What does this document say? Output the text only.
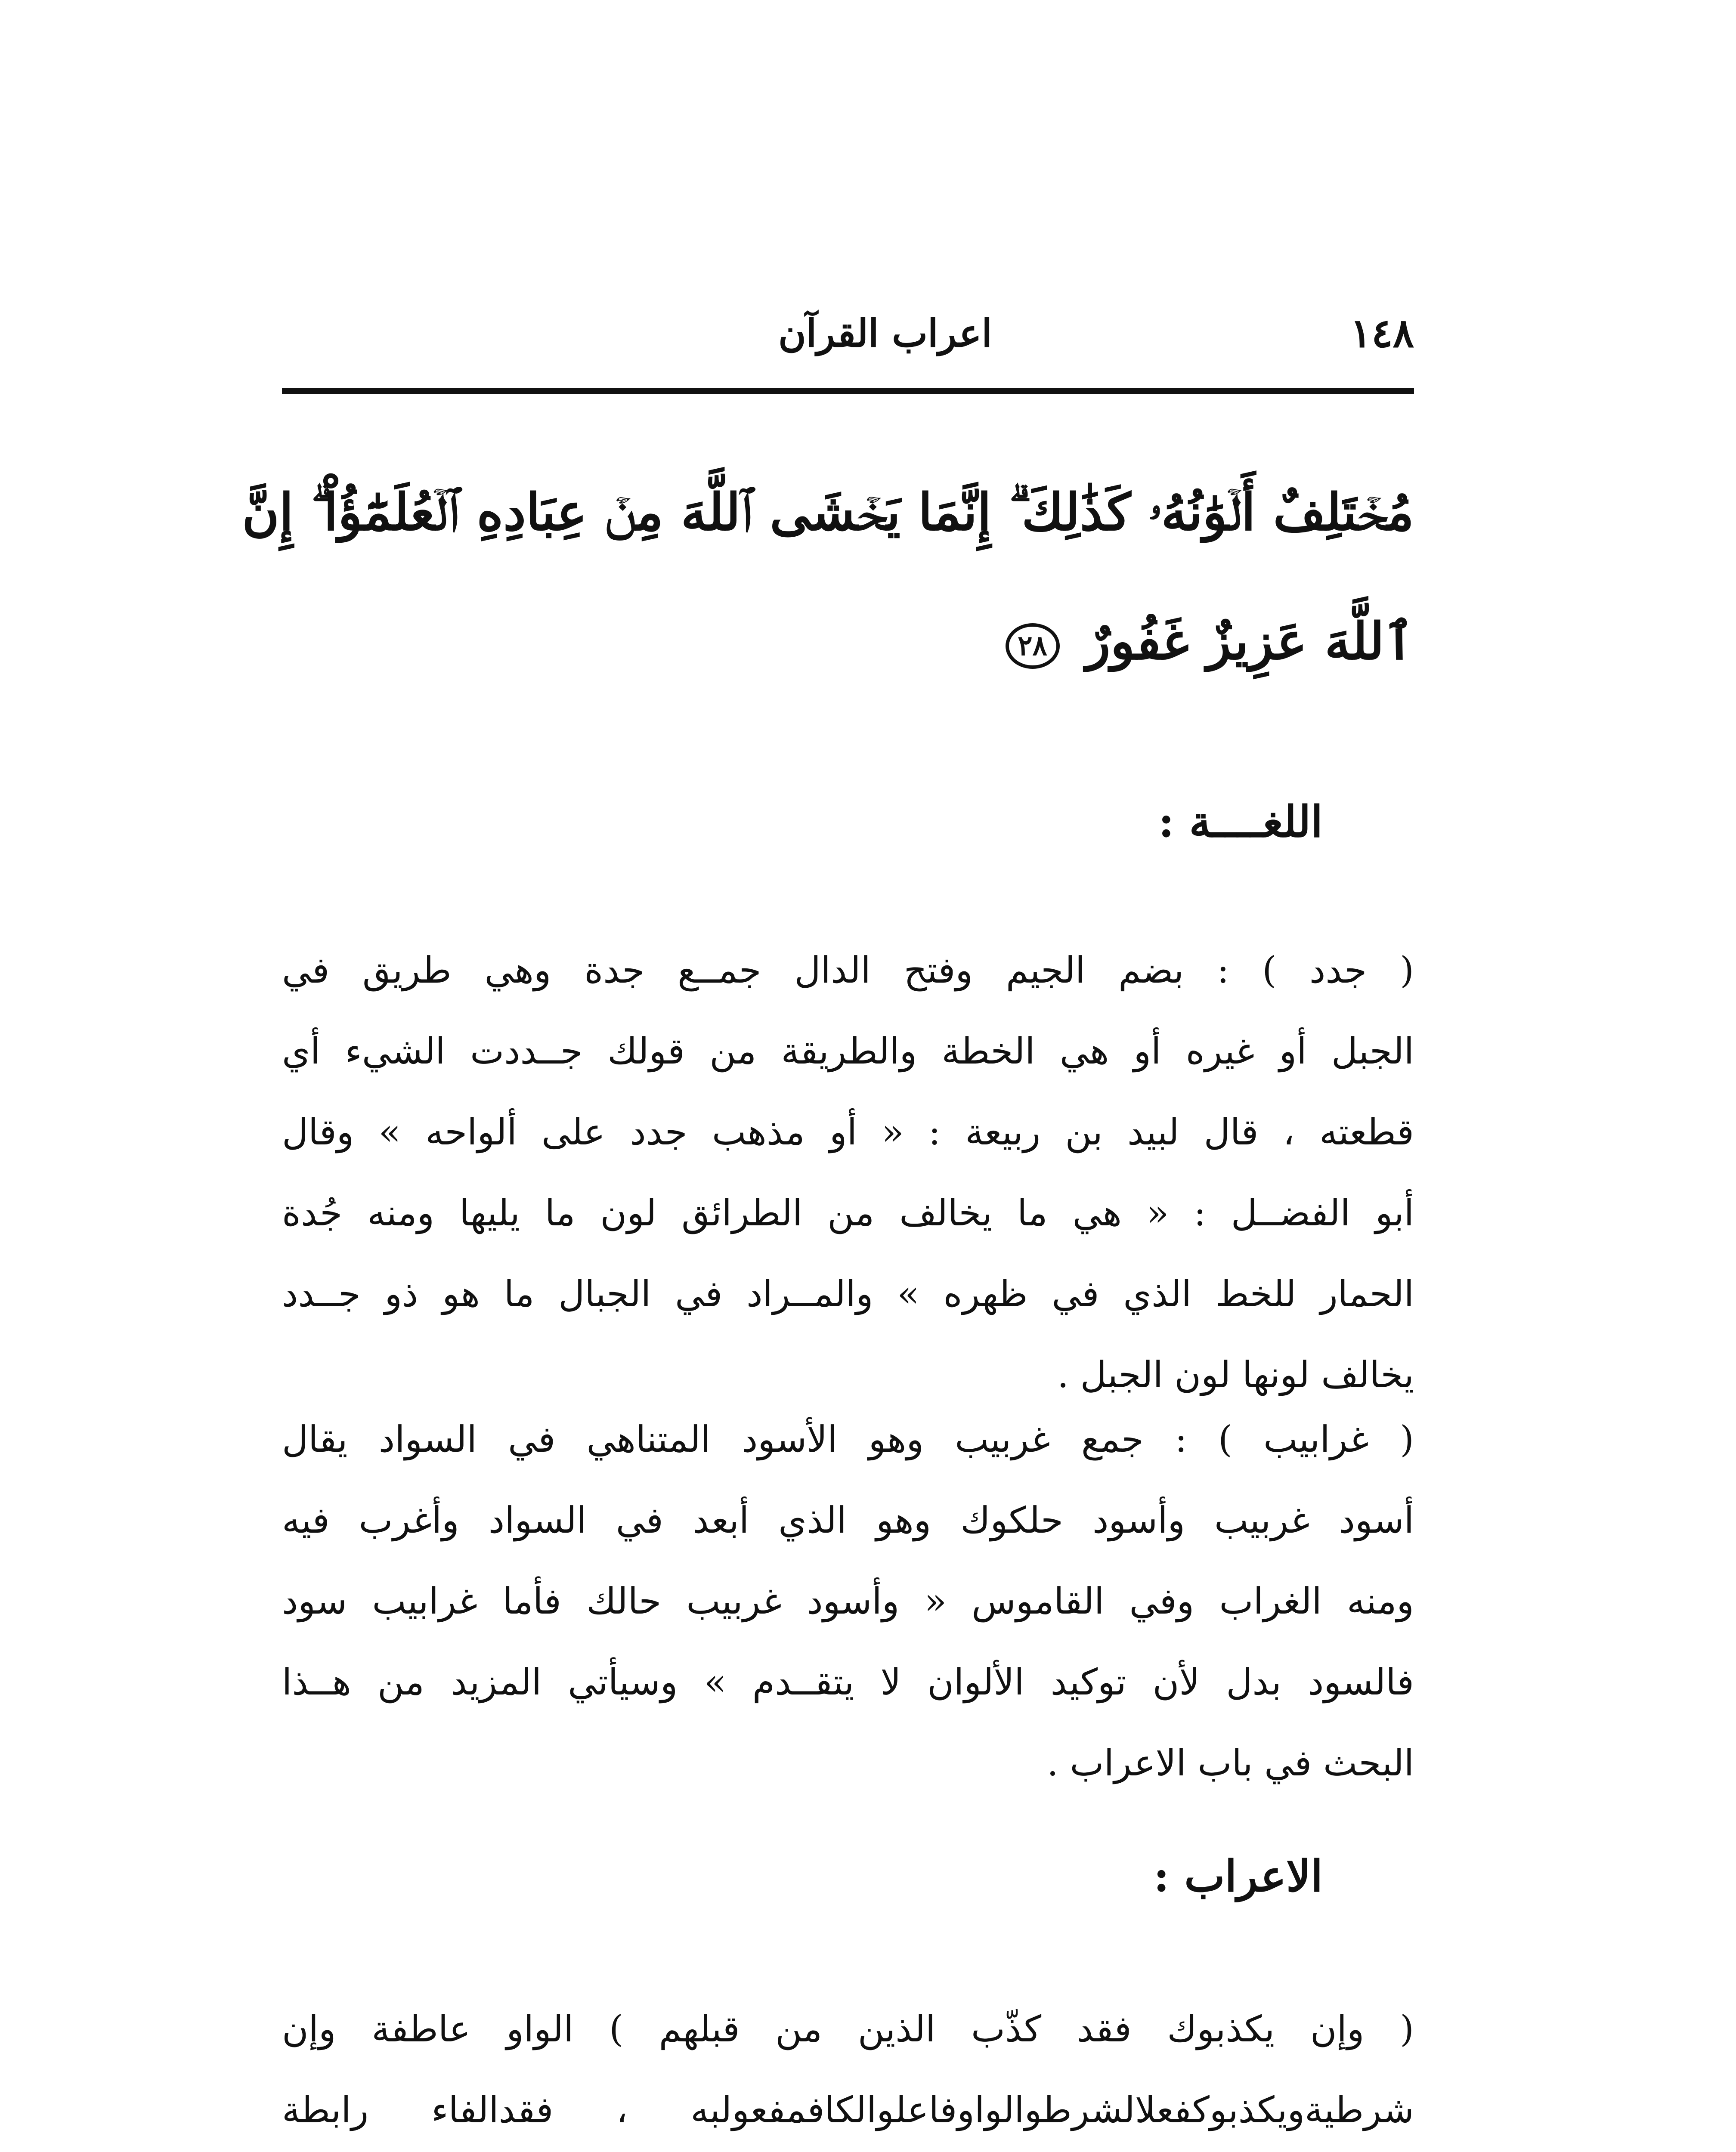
١٤٨
اعراب القرآن
مُخۡتَلِفٌ أَلۡوَٰنُهُۥ كَذَٰلِكَ ۗ إِنَّمَا يَخۡشَى ٱللَّهَ مِنۡ عِبَادِهِ ٱلۡعُلَمَٰٓؤُاْ ۗ إِنَّ
ٱللَّهَ عَزِيزٌ غَفُورٌ ٢٨
اللغــــة :
( جدد ) : بضم الجيم وفتح الدال جمــع جدة وهي طريق في
الجبل أو غيره أو هي الخطة والطريقة من قولك جــددت الشيء أي
قطعته ، قال لبيد بن ربيعة : « أو مذهب جدد على ألواحه » وقال
أبو الفضــل : « هي ما يخالف من الطرائق لون ما يليها ومنه جُدة
الحمار للخط الذي في ظهره » والمــراد في الجبال ما هو ذو جــدد
يخالف لونها لون الجبل .
( غرابيب ) : جمع غربيب وهو الأسود المتناهي في السواد يقال
أسود غربيب وأسود حلكوك وهو الذي أبعد في السواد وأغرب فيه
ومنه الغراب وفي القاموس « وأسود غربيب حالك فأما غرابيب سود
فالسود بدل لأن توكيد الألوان لا يتقــدم » وسيأتي المزيد من هــذا
البحث في باب الاعراب .
الاعراب :
( وإن يكذبوك فقد كذّب الذين من قبلهم ) الواو عاطفة وإن
شرطيةويكذبوكفعلالشرطوالواوفاعلوالكافمفعولبه ، فقدالفاء رابطة
